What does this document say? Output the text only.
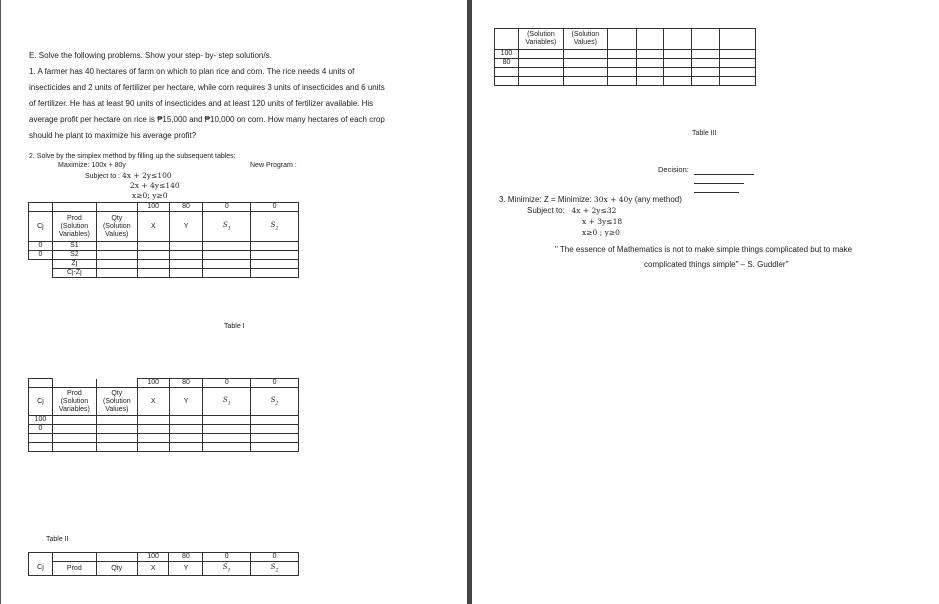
E. Solve the following problems. Show your step- by- step solution/s.
1. A farmer has 40 hectares of farm on which to plan rice and corn. The rice needs 4 units of
insecticides and 2 units of fertilizer per hectare, while corn requires 3 units of insecticides and 6 units
of fertilizer. He has at least 90 units of insecticides and at least 120 units of fertilizer available. His
average profit per hectare on rice is ₱15,000 and ₱10,000 on corn. How many hectares of each crop
should he plant to maximize his average profit?
2. Solve by the simplex method by filling up the subsequent tables:
Maximize: 100x + 80y	New Program :
Subject to : 4x + 2y≤100
2x + 4y≤140
x≥0; y≥0
			100	80	0	0
Cj	Prod (Solution Variables)	Qty (Solution Values)	X	Y	$S_1$	$S_2$
0	S1					
0	S2					
	Zj					
	Cj-Zj					
Table I
			100	80	0	0
Cj	Prod (Solution Variables)	Qty (Solution Values)	X	Y	$S_1$	$S_2$
100						
0						

Table II
			100	80	0	0
Cj	Prod	Qty	X	Y	$S_1$	$S_2$
	(Solution Variables)	(Solution Values)					
100							
80							

Table III
Decision:
3. Minimize: Z = Minimize: 30x + 40y (any method)
Subject to: 4x + 2y≤32
x + 3y≤18
x≥0 ; y≥0
" The essence of Mathematics is not to make simple things complicated but to make
complicated things simple" – S. Guddler"
